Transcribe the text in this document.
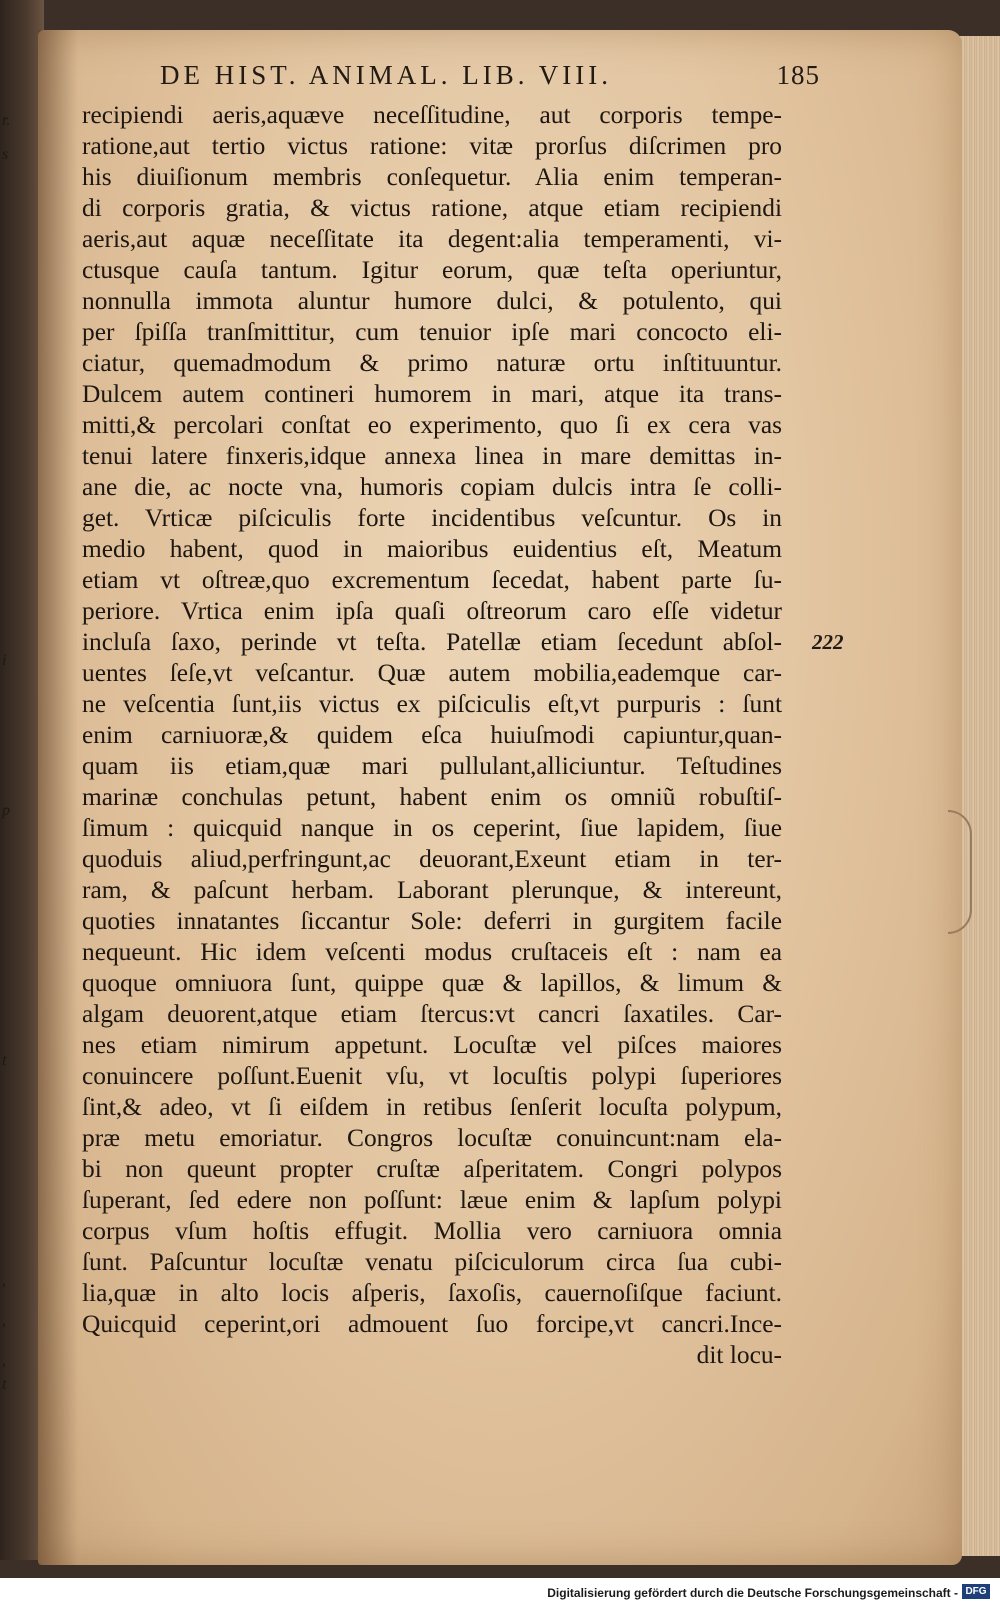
r.
s
i
p
t
,
,
,
t
DE HIST. ANIMAL. LIB. VIII.	185
222
recipiendi aeris,aquæve neceſſitudine, aut corporis tempe-
ratione,aut tertio victus ratione: vitæ prorſus diſcrimen pro
his diuiſionum membris conſequetur. Alia enim temperan-
di corporis gratia, & victus ratione, atque etiam recipiendi
aeris,aut aquæ neceſſitate ita degent:alia temperamenti, vi-
ctusque cauſa tantum. Igitur eorum, quæ teſta operiuntur,
nonnulla immota aluntur humore dulci, & potulento, qui
per ſpiſſa tranſmittitur, cum tenuior ipſe mari concocto eli-
ciatur, quemadmodum & primo naturæ ortu inſtituuntur.
Dulcem autem contineri humorem in mari, atque ita trans-
mitti,& percolari conſtat eo experimento, quo ſi ex cera vas
tenui latere finxeris,idque annexa linea in mare demittas in-
ane die, ac nocte vna, humoris copiam dulcis intra ſe colli-
get. Vrticæ piſciculis forte incidentibus veſcuntur. Os in
medio habent, quod in maioribus euidentius eſt, Meatum
etiam vt oſtreæ,quo excrementum ſecedat, habent parte ſu-
periore. Vrtica enim ipſa quaſi oſtreorum caro eſſe videtur
incluſa ſaxo, perinde vt teſta. Patellæ etiam ſecedunt abſol-
uentes ſeſe,vt veſcantur. Quæ autem mobilia,eademque car-
ne veſcentia ſunt,iis victus ex piſciculis eſt,vt purpuris : ſunt
enim carniuoræ,& quidem eſca huiuſmodi capiuntur,quan-
quam iis etiam,quæ mari pullulant,alliciuntur. Teſtudines
marinæ conchulas petunt, habent enim os omniũ robuſtiſ-
ſimum : quicquid nanque in os ceperint, ſiue lapidem, ſiue
quoduis aliud,perfringunt,ac deuorant,Exeunt etiam in ter-
ram, & paſcunt herbam. Laborant plerunque, & intereunt,
quoties innatantes ſiccantur Sole: deferri in gurgitem facile
nequeunt. Hic idem veſcenti modus cruſtaceis eſt : nam ea
quoque omniuora ſunt, quippe quæ & lapillos, & limum &
algam deuorent,atque etiam ſtercus:vt cancri ſaxatiles. Car-
nes etiam nimirum appetunt. Locuſtæ vel piſces maiores
conuincere poſſunt.Euenit vſu, vt locuſtis polypi ſuperiores
ſint,& adeo, vt ſi eiſdem in retibus ſenſerit locuſta polypum,
præ metu emoriatur. Congros locuſtæ conuincunt:nam ela-
bi non queunt propter cruſtæ aſperitatem. Congri polypos
ſuperant, ſed edere non poſſunt: læue enim & lapſum polypi
corpus vſum hoſtis effugit. Mollia vero carniuora omnia
ſunt. Paſcuntur locuſtæ venatu piſciculorum circa ſua cubi-
lia,quæ in alto locis aſperis, ſaxoſis, cauernoſiſque faciunt.
Quicquid ceperint,ori admouent ſuo forcipe,vt cancri.Ince-
dit locu-
Digitalisierung gefördert durch die Deutsche Forschungsgemeinschaft - DFG
